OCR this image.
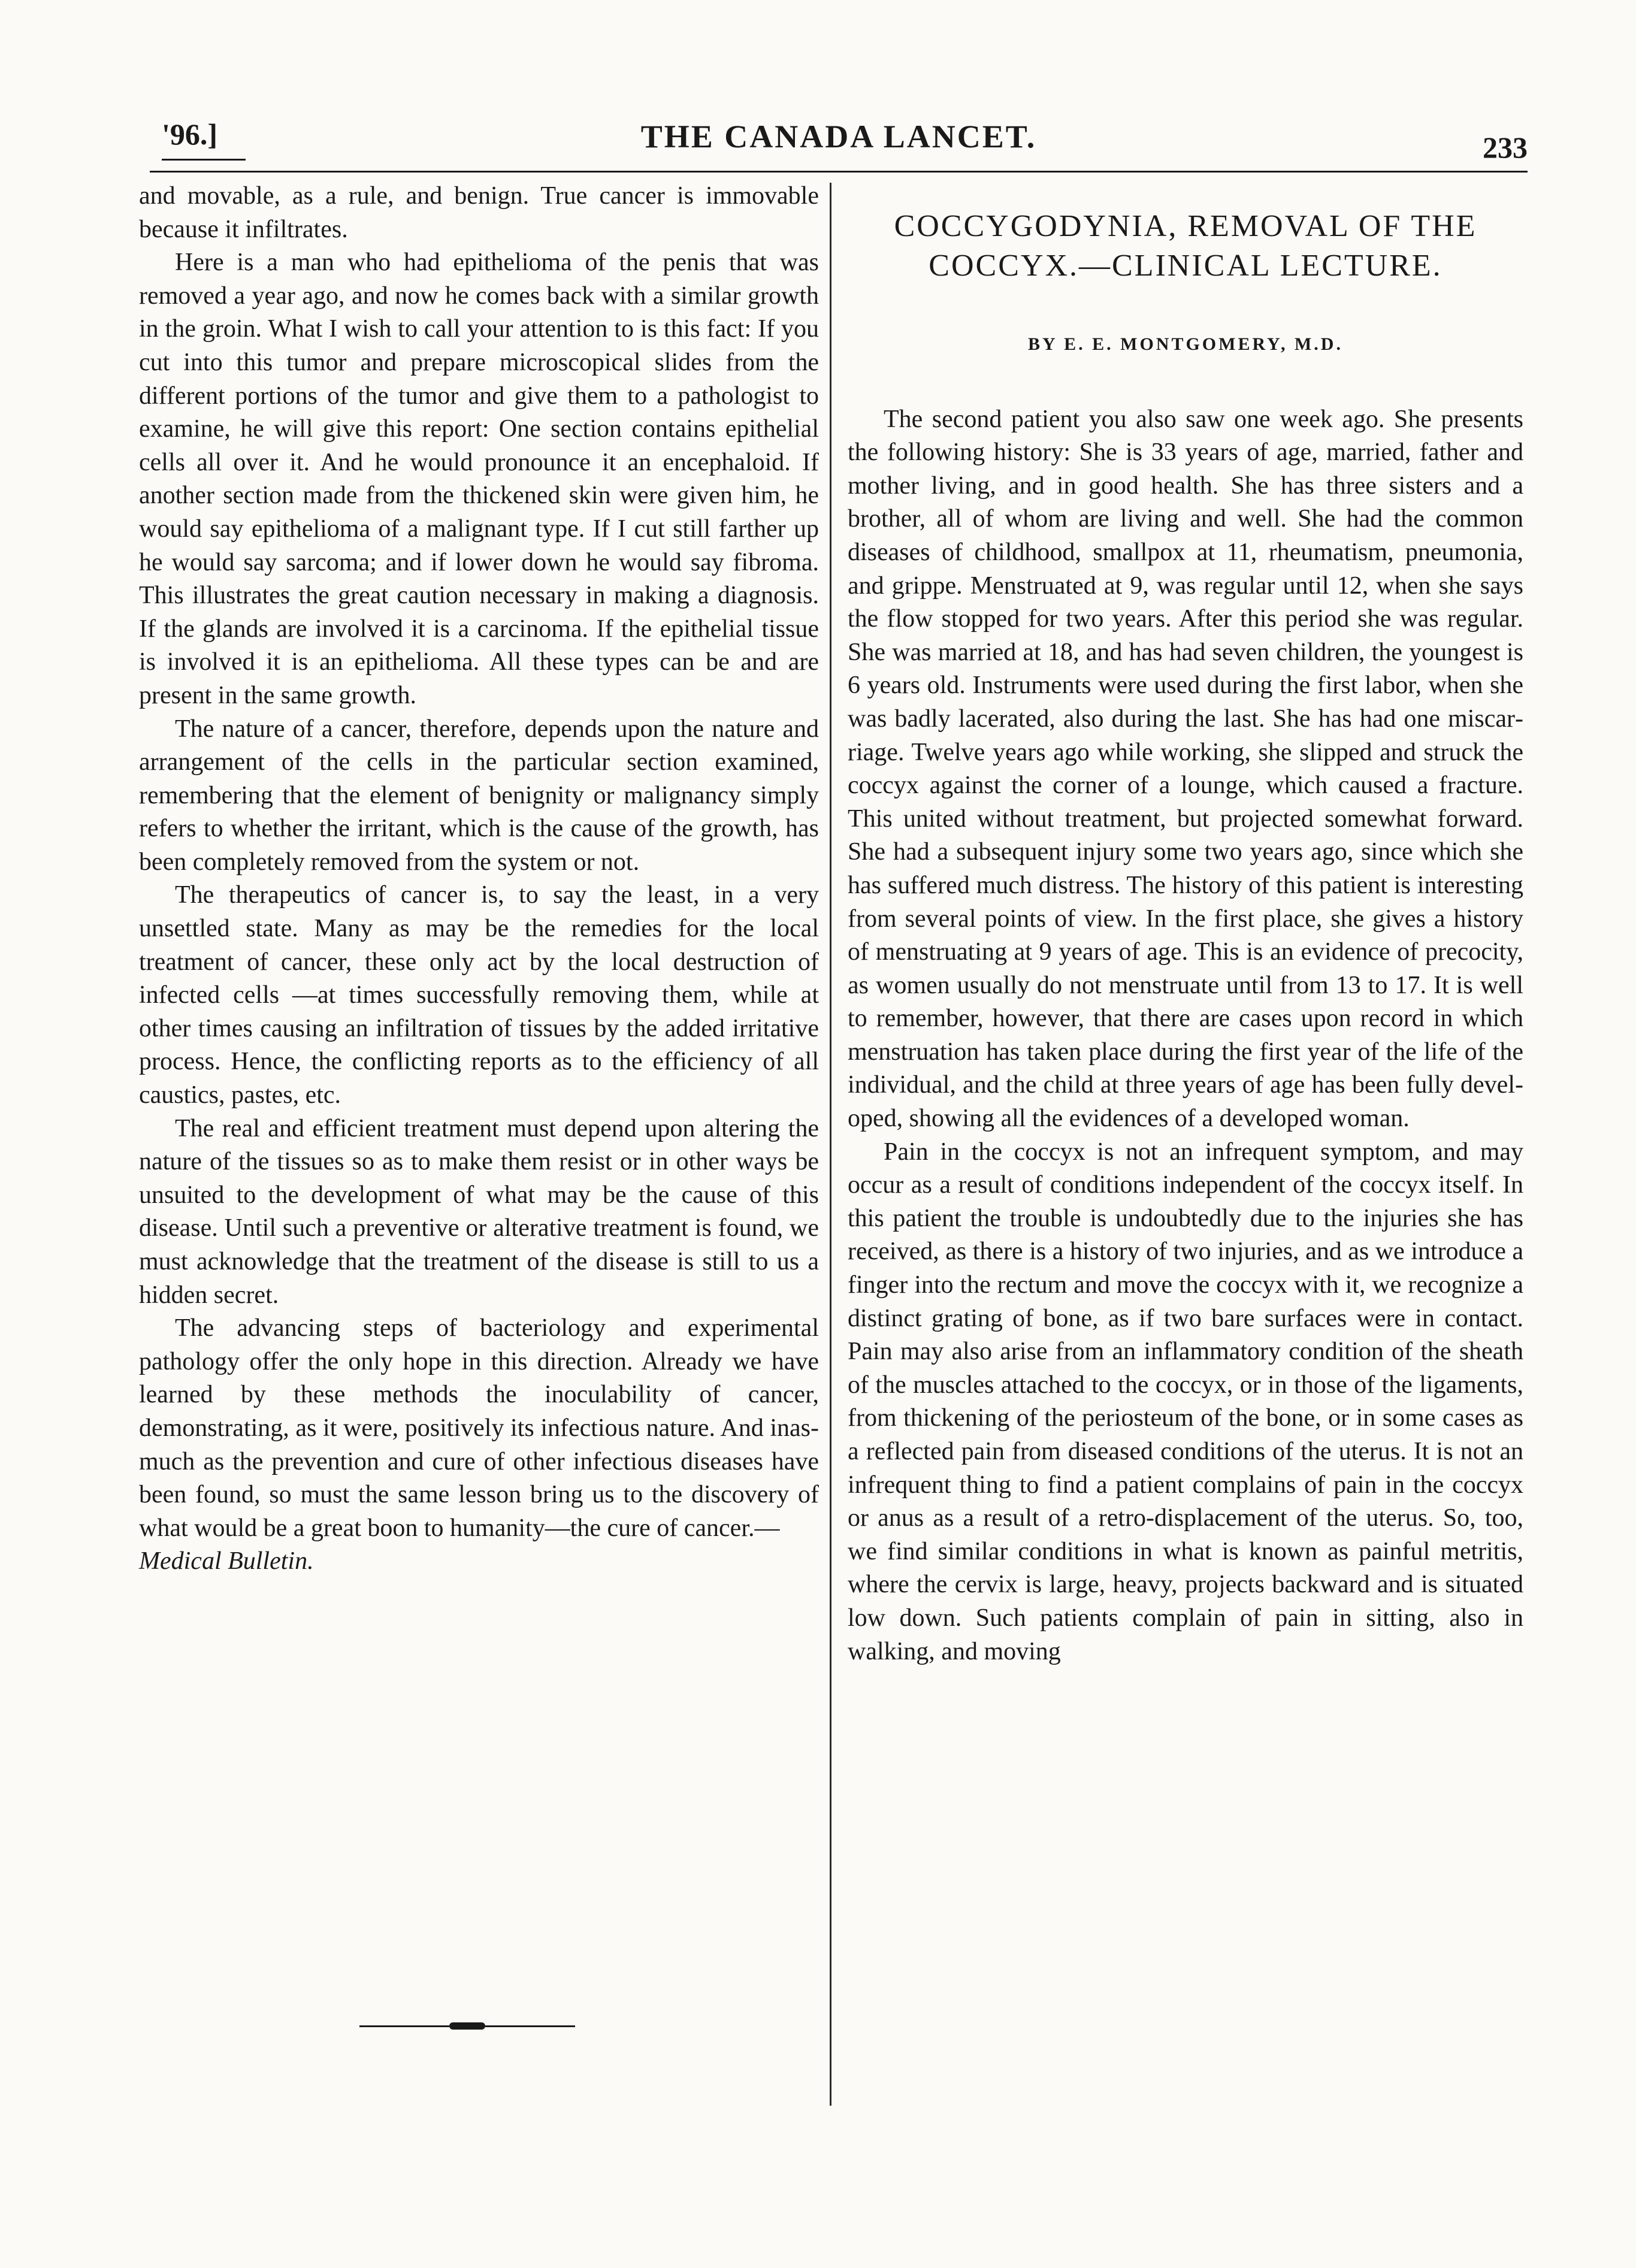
'96.]	THE CANADA LANCET.	233

and movable, as a rule, and benign. True cancer is immovable because it infiltrates.

Here is a man who had epithelioma of the penis that was removed a year ago, and now he comes back with a similar growth in the groin. What I wish to call your attention to is this fact: If you cut into this tumor and prepare microscopical slides from the different portions of the tumor and give them to a pathologist to examine, he will give this report: One section contains epithelial cells all over it. And he would pronounce it an encephaloid. If another section made from the thickened skin were given him, he would say epithelioma of a malignant type. If I cut still farther up he would say sarcoma; and if lower down he would say fibroma. This illustrates the great caution necessary in making a diagnosis. If the glands are involved it is a carcinoma. If the epithelial tissue is involved it is an epithelioma. All these types can be and are present in the same growth.

The nature of a cancer, therefore, depends upon the nature and arrangement of the cells in the particular section examined, remembering that the element of benignity or malignancy simply refers to whether the irritant, which is the cause of the growth, has been completely removed from the system or not.

The therapeutics of cancer is, to say the least, in a very unsettled state. Many as may be the remedies for the local treatment of cancer, these only act by the local destruction of infected cells —at times successfully removing them, while at other times causing an infiltration of tissues by the added irritative process. Hence, the conflicting reports as to the efficiency of all caustics, pastes, etc.

The real and efficient treatment must depend upon altering the nature of the tissues so as to make them resist or in other ways be unsuited to the development of what may be the cause of this disease. Until such a preventive or alterative treatment is found, we must acknowledge that the treatment of the disease is still to us a hidden secret.

The advancing steps of bacteriology and experimental pathology offer the only hope in this direction. Already we have learned by these methods the inoculability of cancer, demonstrating, as it were, positively its infectious nature. And inasmuch as the prevention and cure of other infectious diseases have been found, so must the same lesson bring us to the discovery of what would be a great boon to humanity—the cure of cancer.—

Medical Bulletin.

COCCYGODYNIA, REMOVAL OF THE COCCYX.—CLINICAL LECTURE.
BY E. E. MONTGOMERY, M.D.

The second patient you also saw one week ago. She presents the following history: She is 33 years of age, married, father and mother living, and in good health. She has three sisters and a brother, all of whom are living and well. She had the common diseases of childhood, smallpox at 11, rheumatism, pneumonia, and grippe. Menstruated at 9, was regular until 12, when she says the flow stopped for two years. After this period she was regular. She was married at 18, and has had seven children, the youngest is 6 years old. Instruments were used during the first labor, when she was badly lacerated, also during the last. She has had one miscarriage. Twelve years ago while working, she slipped and struck the coccyx against the corner of a lounge, which caused a fracture. This united without treatment, but projected somewhat forward. She had a subsequent injury some two years ago, since which she has suffered much distress. The history of this patient is interesting from several points of view. In the first place, she gives a history of menstruating at 9 years of age. This is an evidence of precocity, as women usually do not menstruate until from 13 to 17. It is well to remember, however, that there are cases upon record in which menstruation has taken place during the first year of the life of the individual, and the child at three years of age has been fully developed, showing all the evidences of a developed woman.

Pain in the coccyx is not an infrequent symptom, and may occur as a result of conditions independent of the coccyx itself. In this patient the trouble is undoubtedly due to the injuries she has received, as there is a history of two injuries, and as we introduce a finger into the rectum and move the coccyx with it, we recognize a distinct grating of bone, as if two bare surfaces were in contact. Pain may also arise from an inflammatory condition of the sheath of the muscles attached to the coccyx, or in those of the ligaments, from thickening of the periosteum of the bone, or in some cases as a reflected pain from diseased conditions of the uterus. It is not an infrequent thing to find a patient complains of pain in the coccyx or anus as a result of a retro-displacement of the uterus. So, too, we find similar conditions in what is known as painful metritis, where the cervix is large, heavy, projects backward and is situated low down. Such patients complain of pain in sitting, also in walking, and moving
